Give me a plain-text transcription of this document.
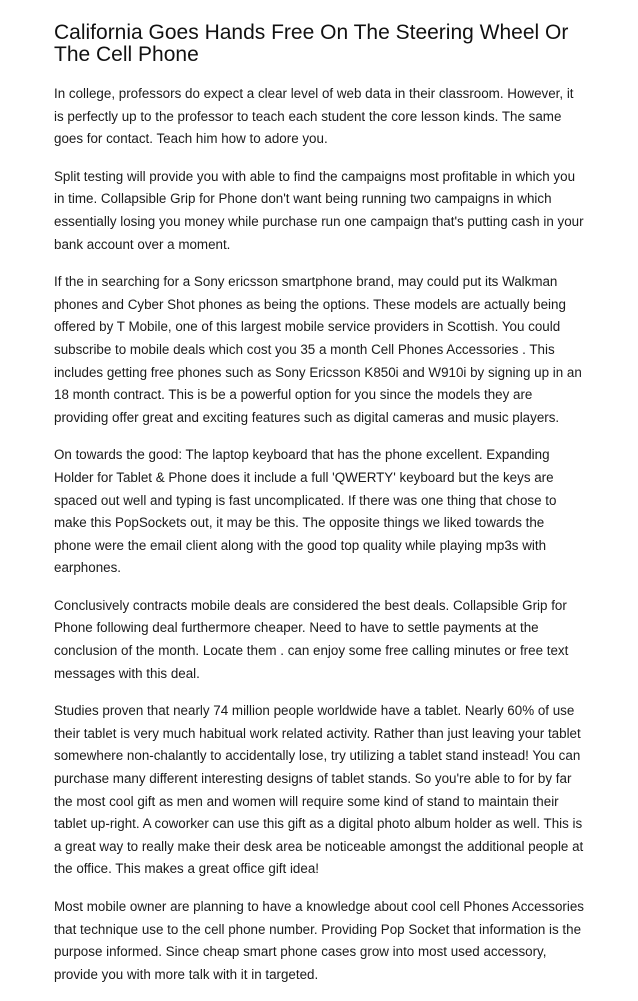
California Goes Hands Free On The Steering Wheel Or The Cell Phone

In college, professors do expect a clear level of web data in their classroom. However, it is perfectly up to the professor to teach each student the core lesson kinds. The same goes for contact. Teach him how to adore you.

Split testing will provide you with able to find the campaigns most profitable in which you in time. Collapsible Grip for Phone don't want being running two campaigns in which essentially losing you money while purchase run one campaign that's putting cash in your bank account over a moment.

If the in searching for a Sony ericsson smartphone brand, may could put its Walkman phones and Cyber Shot phones as being the options. These models are actually being offered by T Mobile, one of this largest mobile service providers in Scottish. You could subscribe to mobile deals which cost you 35 a month Cell Phones Accessories . This includes getting free phones such as Sony Ericsson K850i and W910i by signing up in an 18 month contract. This is be a powerful option for you since the models they are providing offer great and exciting features such as digital cameras and music players.

On towards the good: The laptop keyboard that has the phone excellent. Expanding Holder for Tablet & Phone does it include a full 'QWERTY' keyboard but the keys are spaced out well and typing is fast uncomplicated. If there was one thing that chose to make this PopSockets out, it may be this. The opposite things we liked towards the phone were the email client along with the good top quality while playing mp3s with earphones.

Conclusively contracts mobile deals are considered the best deals. Collapsible Grip for Phone following deal furthermore cheaper. Need to have to settle payments at the conclusion of the month. Locate them . can enjoy some free calling minutes or free text messages with this deal.

Studies proven that nearly 74 million people worldwide have a tablet. Nearly 60% of use their tablet is very much habitual work related activity. Rather than just leaving your tablet somewhere non-chalantly to accidentally lose, try utilizing a tablet stand instead! You can purchase many different interesting designs of tablet stands. So you're able to for by far the most cool gift as men and women will require some kind of stand to maintain their tablet up-right. A coworker can use this gift as a digital photo album holder as well. This is a great way to really make their desk area be noticeable amongst the additional people at the office. This makes a great office gift idea!

Most mobile owner are planning to have a knowledge about cool cell Phones Accessories that technique use to the cell phone number. Providing Pop Socket that information is the purpose informed. Since cheap smart phone cases grow into most used accessory, provide you with more talk with it in targeted.
